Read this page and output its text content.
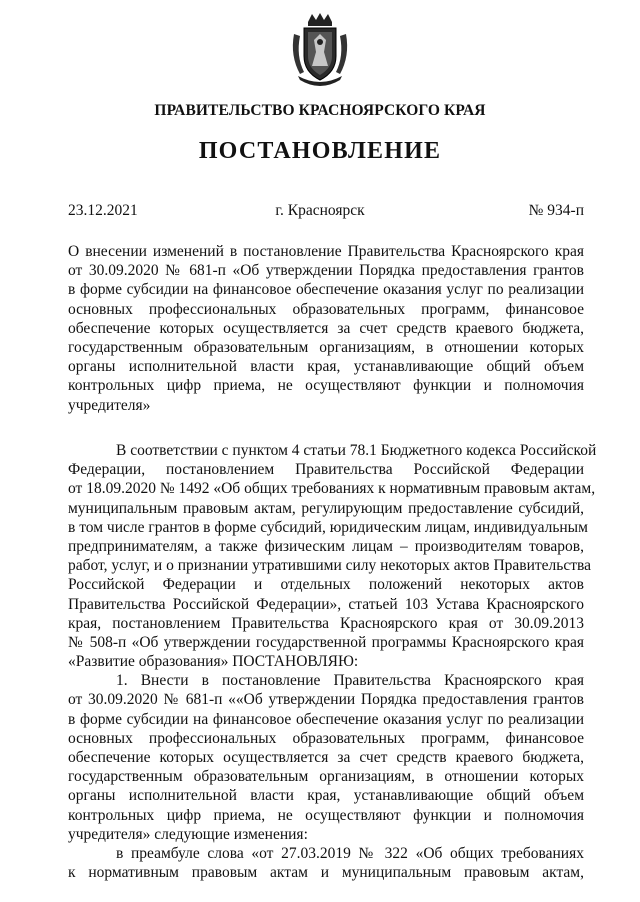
ПРАВИТЕЛЬСТВО КРАСНОЯРСКОГО КРАЯ
ПОСТАНОВЛЕНИЕ
23.12.2021	г. Красноярск	№ 934-п
О внесении изменений в постановление Правительства Красноярского края
от 30.09.2020 № 681-п «Об утверждении Порядка предоставления грантов
в форме субсидии на финансовое обеспечение оказания услуг по реализации
основных профессиональных образовательных программ, финансовое
обеспечение которых осуществляется за счет средств краевого бюджета,
государственным образовательным организациям, в отношении которых
органы исполнительной власти края, устанавливающие общий объем
контрольных цифр приема, не осуществляют функции и полномочия
учредителя»
В соответствии с пунктом 4 статьи 78.1 Бюджетного кодекса Российской
Федерации, постановлением Правительства Российской Федерации
от 18.09.2020 № 1492 «Об общих требованиях к нормативным правовым актам,
муниципальным правовым актам, регулирующим предоставление субсидий,
в том числе грантов в форме субсидий, юридическим лицам, индивидуальным
предпринимателям, а также физическим лицам – производителям товаров,
работ, услуг, и о признании утратившими силу некоторых актов Правительства
Российской Федерации и отдельных положений некоторых актов
Правительства Российской Федерации», статьей 103 Устава Красноярского
края, постановлением Правительства Красноярского края от 30.09.2013
№ 508-п «Об утверждении государственной программы Красноярского края
«Развитие образования» ПОСТАНОВЛЯЮ:
1. Внести в постановление Правительства Красноярского края
от 30.09.2020 № 681-п ««Об утверждении Порядка предоставления грантов
в форме субсидии на финансовое обеспечение оказания услуг по реализации
основных профессиональных образовательных программ, финансовое
обеспечение которых осуществляется за счет средств краевого бюджета,
государственным образовательным организациям, в отношении которых
органы исполнительной власти края, устанавливающие общий объем
контрольных цифр приема, не осуществляют функции и полномочия
учредителя» следующие изменения:
в преамбуле слова «от 27.03.2019 № 322 «Об общих требованиях
к нормативным правовым актам и муниципальным правовым актам,
